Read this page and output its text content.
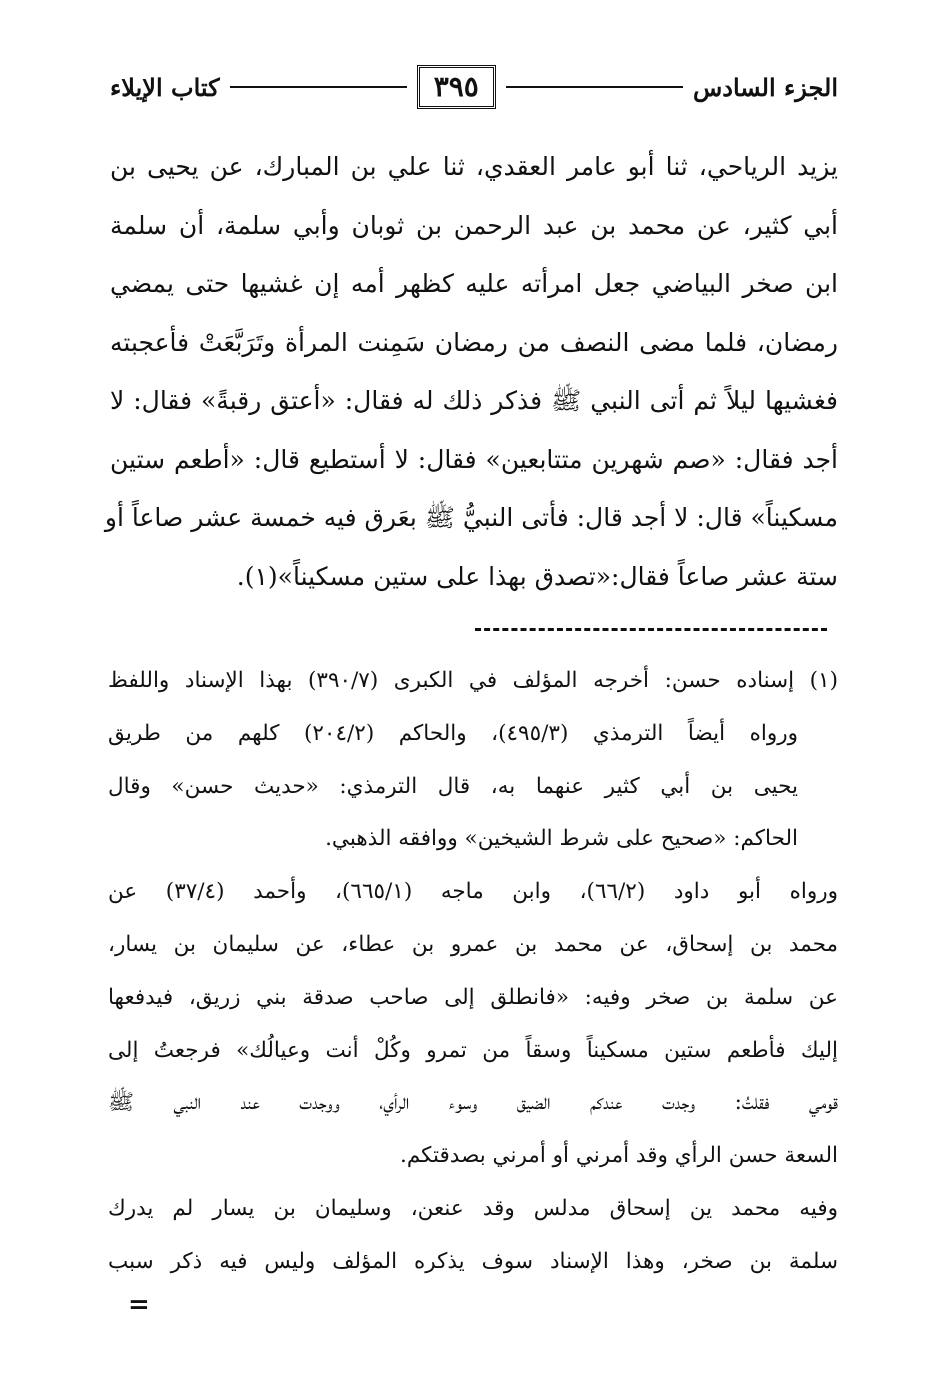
الجزء السادس
٣٩٥
كتاب الإيلاء
يزيد الرياحي، ثنا أبو عامر العقدي، ثنا علي بن المبارك، عن يحيى بن
أبي كثير، عن محمد بن عبد الرحمن بن ثوبان وأبي سلمة، أن سلمة
ابن صخر البياضي جعل امرأته عليه كظهر أمه إن غشيها حتى يمضي
رمضان، فلما مضى النصف من رمضان سَمِنت المرأة وتَرَبَّعَتْ فأعجبته
فغشيها ليلاً ثم أتى النبي ﷺ فذكر ذلك له فقال: «أعتق رقبةً» فقال: لا
أجد فقال: «صم شهرين متتابعين» فقال: لا أستطيع قال: «أطعم ستين
مسكيناً» قال: لا أجد قال: فأتى النبيُّ ﷺ بعَرق فيه خمسة عشر صاعاً أو
ستة عشر صاعاً فقال:«تصدق بهذا على ستين مسكيناً»(١).
(١) إسناده حسن: أخرجه المؤلف في الكبرى (٣٩٠/٧) بهذا الإسناد واللفظ
ورواه أيضاً الترمذي (٤٩٥/٣)، والحاكم (٢٠٤/٢) كلهم من طريق
يحيى بن أبي كثير عنهما به، قال الترمذي: «حديث حسن» وقال
الحاكم: «صحيح على شرط الشيخين» ووافقه الذهبي.
ورواه أبو داود (٦٦/٢)، وابن ماجه (٦٦٥/١)، وأحمد (٣٧/٤) عن
محمد بن إسحاق، عن محمد بن عمرو بن عطاء، عن سليمان بن يسار،
عن سلمة بن صخر وفيه: «فانطلق إلى صاحب صدقة بني زريق، فيدفعها
إليك فأطعم ستين مسكيناً وسقاً من تمرو وكُلْ أنت وعيالُك» فرجعتُ إلى
قومي فقلتُ: وجدت عندكم الضيق وسوء الرأي، ووجدت عند النبي ﷺ
السعة حسن الرأي وقد أمرني أو أمرني بصدقتكم.
وفيه محمد ين إسحاق مدلس وقد عنعن، وسليمان بن يسار لم يدرك
سلمة بن صخر، وهذا الإسناد سوف يذكره المؤلف وليس فيه ذكر سبب
=
